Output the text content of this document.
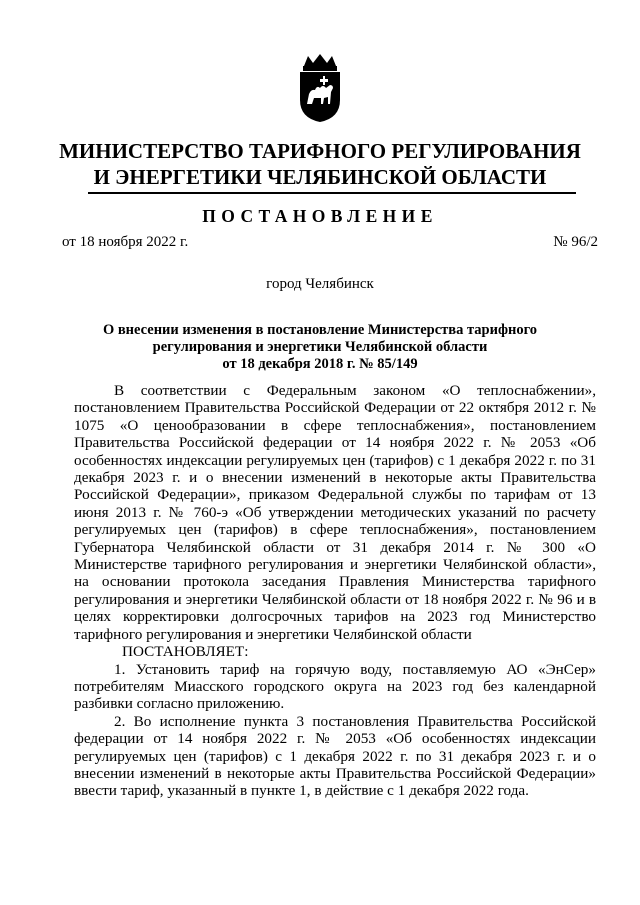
МИНИСТЕРСТВО ТАРИФНОГО РЕГУЛИРОВАНИЯ
И ЭНЕРГЕТИКИ ЧЕЛЯБИНСКОЙ ОБЛАСТИ
ПОСТАНОВЛЕНИЕ
от 18 ноября 2022 г.	№ 96/2
город Челябинск
О внесении изменения в постановление Министерства тарифного
регулирования и энергетики Челябинской области
от 18 декабря 2018 г. № 85/149

В соответствии с Федеральным законом «О теплоснабжении», постановлением Правительства Российской Федерации от 22 октября 2012 г. № 1075 «О ценообразовании в сфере теплоснабжения», постановлением Правительства Российской федерации от 14 ноября 2022 г. № 2053 «Об особенностях индексации регулируемых цен (тарифов) с 1 декабря 2022 г. по 31 декабря 2023 г. и о внесении изменений в некоторые акты Правительства Российской Федерации», приказом Федеральной службы по тарифам от 13 июня 2013 г. № 760-э «Об утверждении методических указаний по расчету регулируемых цен (тарифов) в сфере теплоснабжения», постановлением Губернатора Челябинской области от 31 декабря 2014 г. № 300 «О Министерстве тарифного регулирования и энергетики Челябинской области», на основании протокола заседания Правления Министерства тарифного регулирования и энергетики Челябинской области от 18 ноября 2022 г. № 96 и в целях корректировки долгосрочных тарифов на 2023 год Министерство тарифного регулирования и энергетики Челябинской области

ПОСТАНОВЛЯЕТ:

1. Установить тариф на горячую воду, поставляемую АО «ЭнСер» потребителям Миасского городского округа на 2023 год без календарной разбивки согласно приложению.

2. Во исполнение пункта 3 постановления Правительства Российской федерации от 14 ноября 2022 г. № 2053 «Об особенностях индексации регулируемых цен (тарифов) с 1 декабря 2022 г. по 31 декабря 2023 г. и о внесении изменений в некоторые акты Правительства Российской Федерации» ввести тариф, указанный в пункте 1, в действие с 1 декабря 2022 года.
